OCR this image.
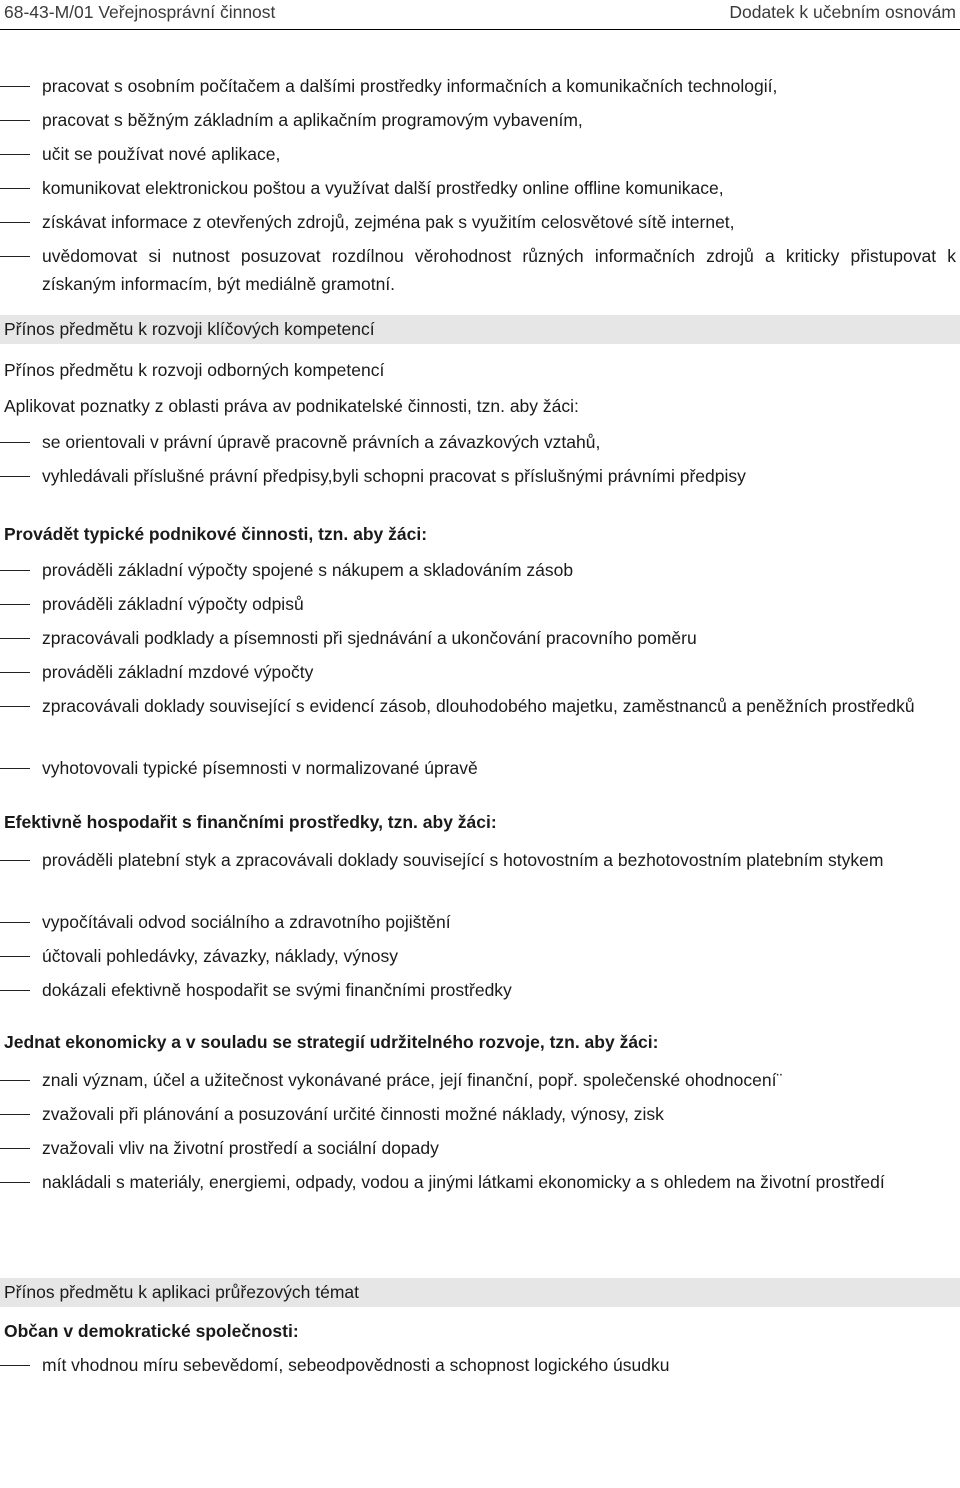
68-43-M/01 Veřejnosprávní činnost	Dodatek k učebním osnovám
pracovat s osobním počítačem a dalšími prostředky informačních a komunikačních technologií,
pracovat s běžným základním a aplikačním programovým vybavením,
učit se používat nové aplikace,
komunikovat elektronickou poštou a využívat další prostředky online offline komunikace,
získávat informace z otevřených zdrojů, zejména pak s využitím celosvětové sítě internet,
uvědomovat si nutnost posuzovat rozdílnou věrohodnost různých informačních zdrojů a kriticky přistupovat k získaným informacím, být mediálně gramotní.
Přínos předmětu k rozvoji klíčových kompetencí
Přínos předmětu k rozvoji odborných kompetencí
Aplikovat poznatky z oblasti práva av podnikatelské činnosti, tzn. aby žáci:
se orientovali v právní úpravě pracovně právních a závazkových vztahů,
vyhledávali příslušné právní předpisy,byli schopni pracovat s příslušnými právními předpisy
Provádět typické podnikové činnosti, tzn. aby žáci:
prováděli základní výpočty spojené s nákupem a skladováním zásob
prováděli základní výpočty odpisů
zpracovávali podklady a písemnosti při sjednávání a ukončování pracovního poměru
prováděli základní mzdové výpočty
zpracovávali doklady související s evidencí zásob, dlouhodobého majetku, zaměstnanců a peněžních prostředků
vyhotovovali typické písemnosti v normalizované úpravě
Efektivně hospodařit s finančními prostředky, tzn. aby žáci:
prováděli platební styk a zpracovávali doklady související s hotovostním a bezhotovostním platebním stykem
vypočítávali odvod sociálního a zdravotního pojištění
účtovali pohledávky, závazky, náklady, výnosy
dokázali efektivně hospodařit se svými finančními prostředky
Jednat ekonomicky a v souladu se strategií udržitelného rozvoje, tzn. aby žáci:
znali význam, účel a užitečnost vykonávané práce, její finanční, popř. společenské ohodnocení¨
zvažovali při plánování a posuzování určité činnosti možné náklady, výnosy, zisk
zvažovali vliv na životní prostředí a sociální dopady
nakládali s materiály, energiemi, odpady, vodou a jinými látkami ekonomicky a s ohledem na životní prostředí
Přínos předmětu k aplikaci průřezových témat
Občan v demokratické společnosti:
mít vhodnou míru sebevědomí, sebeodpovědnosti a schopnost logického úsudku
